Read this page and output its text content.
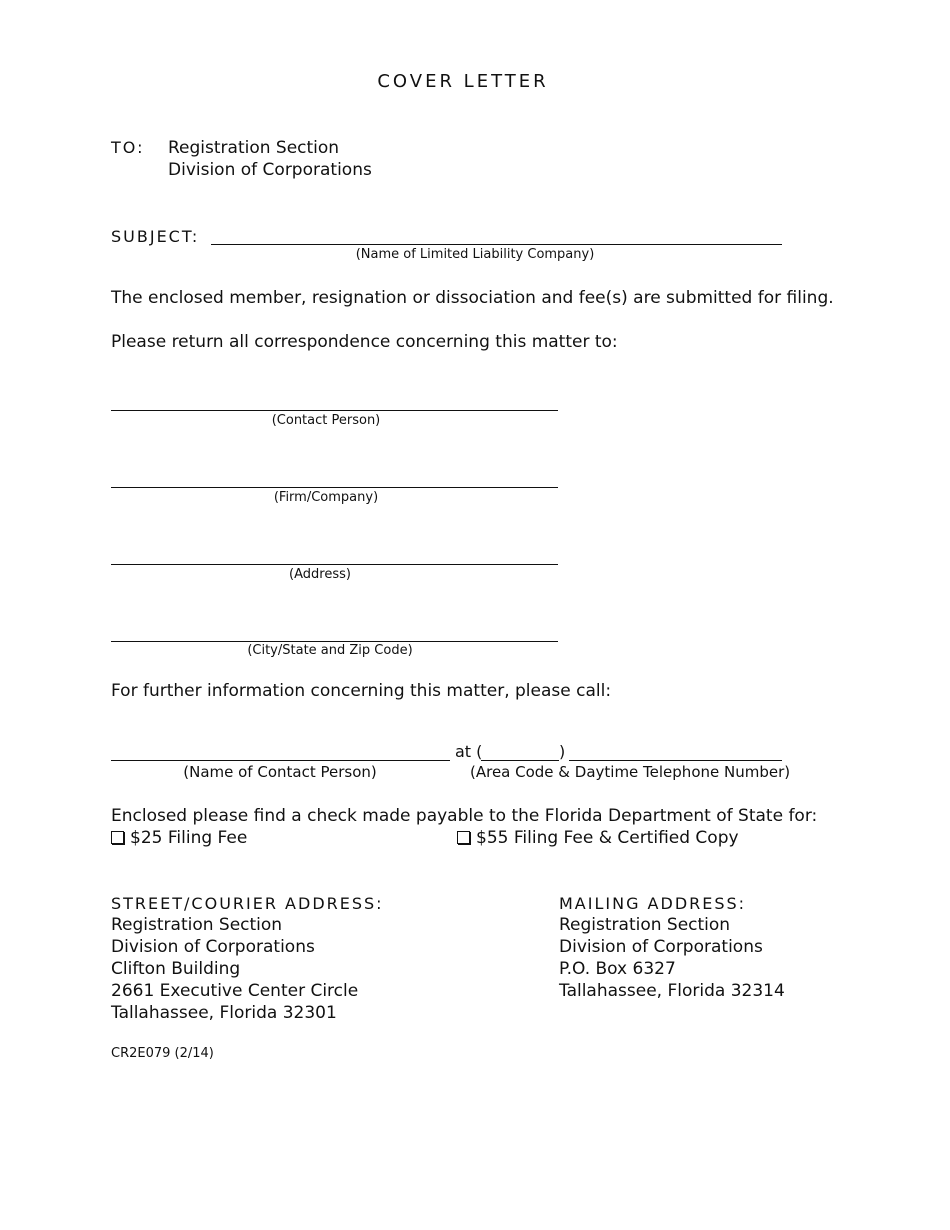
COVER LETTER
TO: Registration Section
Division of Corporations
SUBJECT:
(Name of Limited Liability Company)
The enclosed member, resignation or dissociation and fee(s) are submitted for filing.
Please return all correspondence concerning this matter to:
(Contact Person)
(Firm/Company)
(Address)
(City/State and Zip Code)
For further information concerning this matter, please call:
at (	)
(Name of Contact Person)	(Area Code & Daytime Telephone Number)
Enclosed please find a check made payable to the Florida Department of State for:
$25 Filing Fee	$55 Filing Fee & Certified Copy
STREET/COURIER ADDRESS:
Registration Section
Division of Corporations
Clifton Building
2661 Executive Center Circle
Tallahassee, Florida 32301
MAILING ADDRESS:
Registration Section
Division of Corporations
P.O. Box 6327
Tallahassee, Florida 32314
CR2E079 (2/14)
